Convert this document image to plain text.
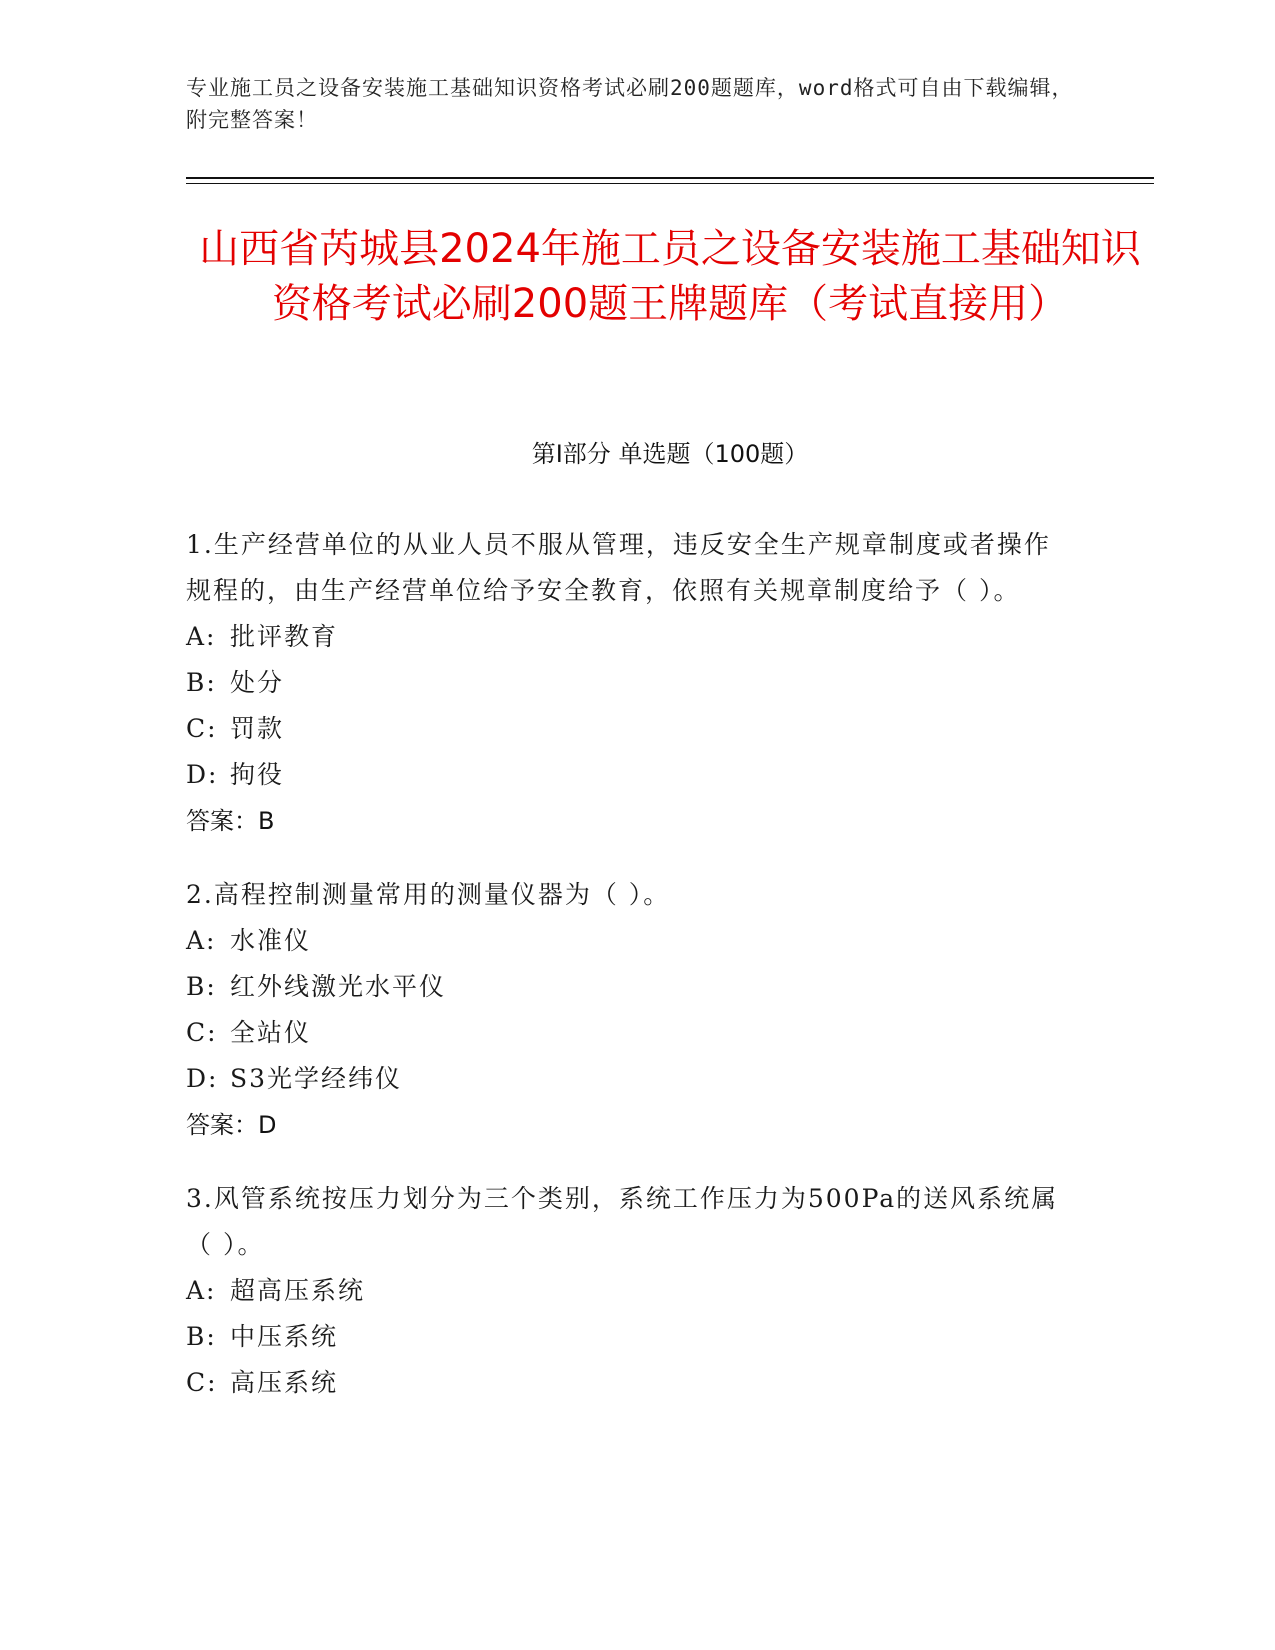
专业施工员之设备安装施工基础知识资格考试必刷200题题库，word格式可自由下载编辑，附完整答案！
山西省芮城县2024年施工员之设备安装施工基础知识资格考试必刷200题王牌题库（考试直接用）
第I部分 单选题（100题）
1.生产经营单位的从业人员不服从管理，违反安全生产规章制度或者操作规程的，由生产经营单位给予安全教育，依照有关规章制度给予（ ）。
A: 批评教育
B: 处分
C: 罚款
D: 拘役
答案：B
2.高程控制测量常用的测量仪器为（ ）。
A: 水准仪
B: 红外线激光水平仪
C: 全站仪
D: S3光学经纬仪
答案：D
3.风管系统按压力划分为三个类别，系统工作压力为500Pa的送风系统属（ ）。
A: 超高压系统
B: 中压系统
C: 高压系统
